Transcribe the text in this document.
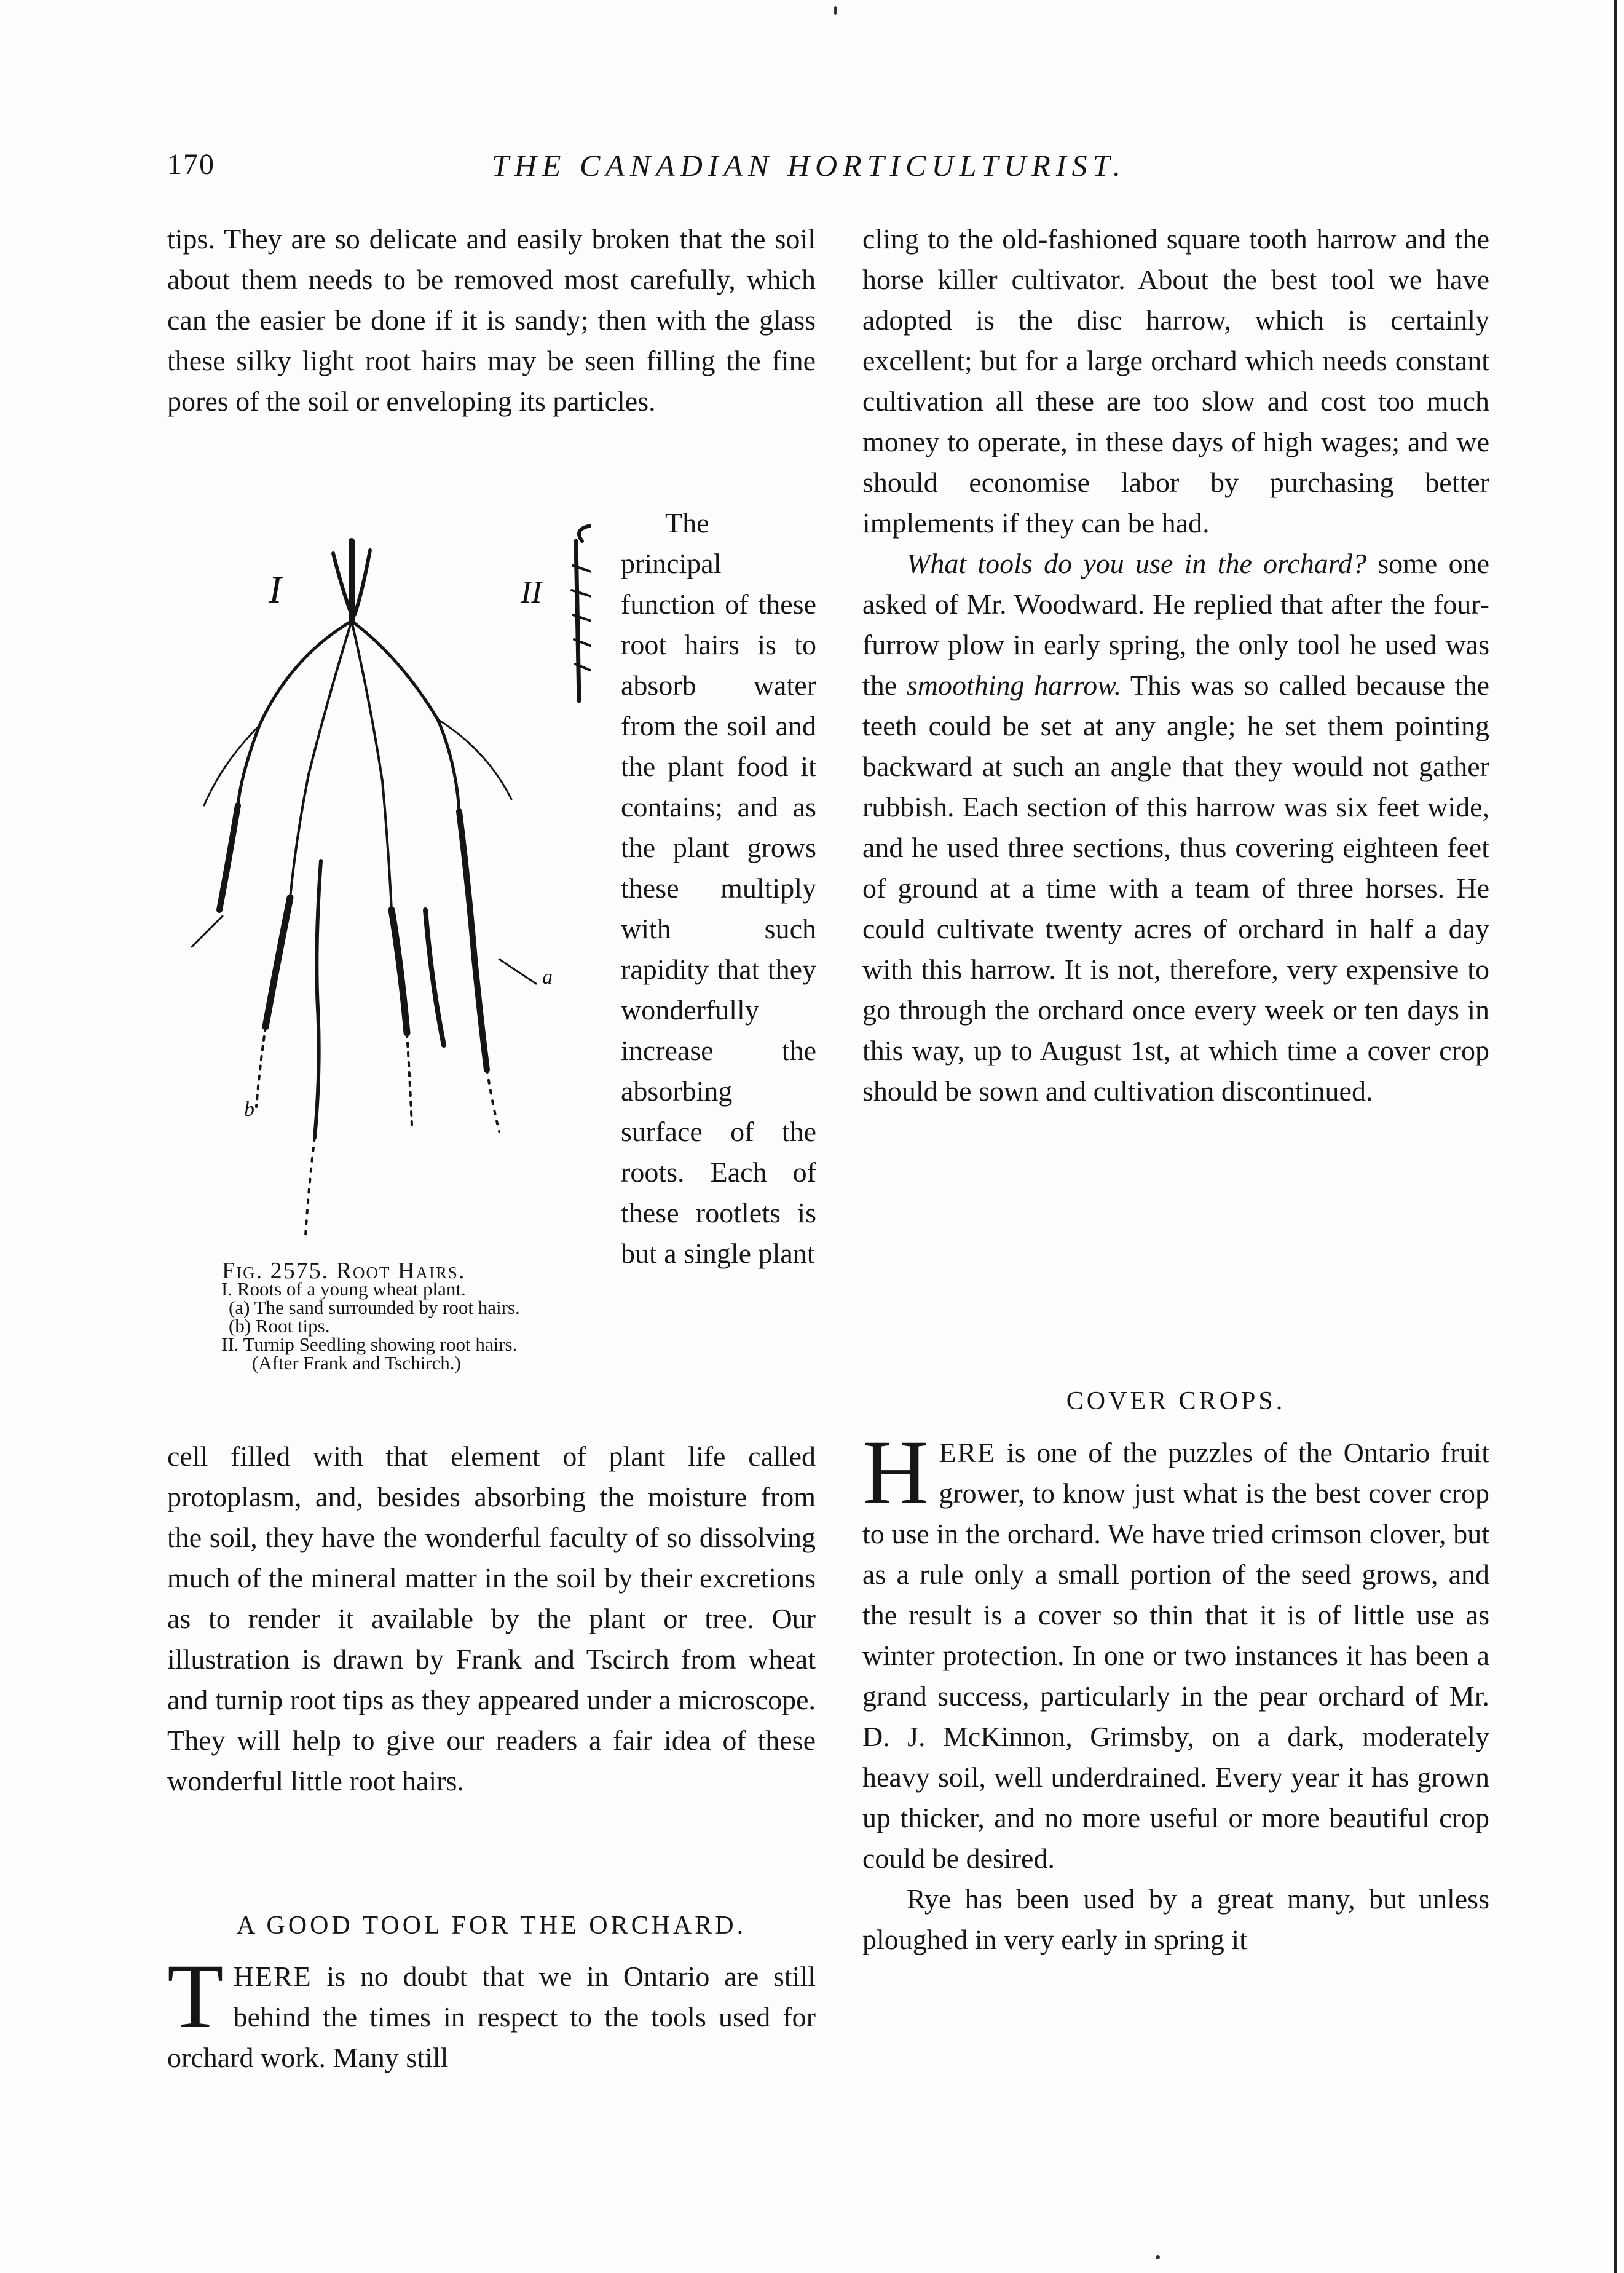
170	THE CANADIAN HORTICULTURIST.

tips. They are so delicate and easily broken that the soil about them needs to be removed most carefully, which can the easier be done if it is sandy; then with the glass these silky light root hairs may be seen filling the fine pores of the soil or enveloping its particles.

I	II
a
b
Fig. 2575. Root Hairs.
I. Roots of a young wheat plant.
(a) The sand surrounded by root hairs.
(b) Root tips.
II. Turnip Seedling showing root hairs.
(After Frank and Tschirch.)

The principal function of these root hairs is to absorb water from the soil and the plant food it contains; and as the plant grows these multiply with such rapidity that they wonderfully increase the absorbing surface of the roots. Each of these rootlets is but a single plant

cell filled with that element of plant life called protoplasm, and, besides absorbing the moisture from the soil, they have the wonderful faculty of so dissolving much of the mineral matter in the soil by their excretions as to render it available by the plant or tree. Our illustration is drawn by Frank and Tscirch from wheat and turnip root tips as they appeared under a microscope. They will help to give our readers a fair idea of these wonderful little root hairs.

A GOOD TOOL FOR THE ORCHARD.
THERE is no doubt that we in Ontario are still behind the times in respect to the tools used for orchard work. Many still

cling to the old-fashioned square tooth harrow and the horse killer cultivator. About the best tool we have adopted is the disc harrow, which is certainly excellent; but for a large orchard which needs constant cultivation all these are too slow and cost too much money to operate, in these days of high wages; and we should economise labor by purchasing better implements if they can be had.

What tools do you use in the orchard? some one asked of Mr. Woodward. He replied that after the four-furrow plow in early spring, the only tool he used was the smoothing harrow. This was so called because the teeth could be set at any angle; he set them pointing backward at such an angle that they would not gather rubbish. Each section of this harrow was six feet wide, and he used three sections, thus covering eighteen feet of ground at a time with a team of three horses. He could cultivate twenty acres of orchard in half a day with this harrow. It is not, therefore, very expensive to go through the orchard once every week or ten days in this way, up to August 1st, at which time a cover crop should be sown and cultivation discontinued.

COVER CROPS.
HERE is one of the puzzles of the Ontario fruit grower, to know just what is the best cover crop to use in the orchard. We have tried crimson clover, but as a rule only a small portion of the seed grows, and the result is a cover so thin that it is of little use as winter protection. In one or two instances it has been a grand success, particularly in the pear orchard of Mr. D. J. McKinnon, Grimsby, on a dark, moderately heavy soil, well underdrained. Every year it has grown up thicker, and no more useful or more beautiful crop could be desired.

Rye has been used by a great many, but unless ploughed in very early in spring it
